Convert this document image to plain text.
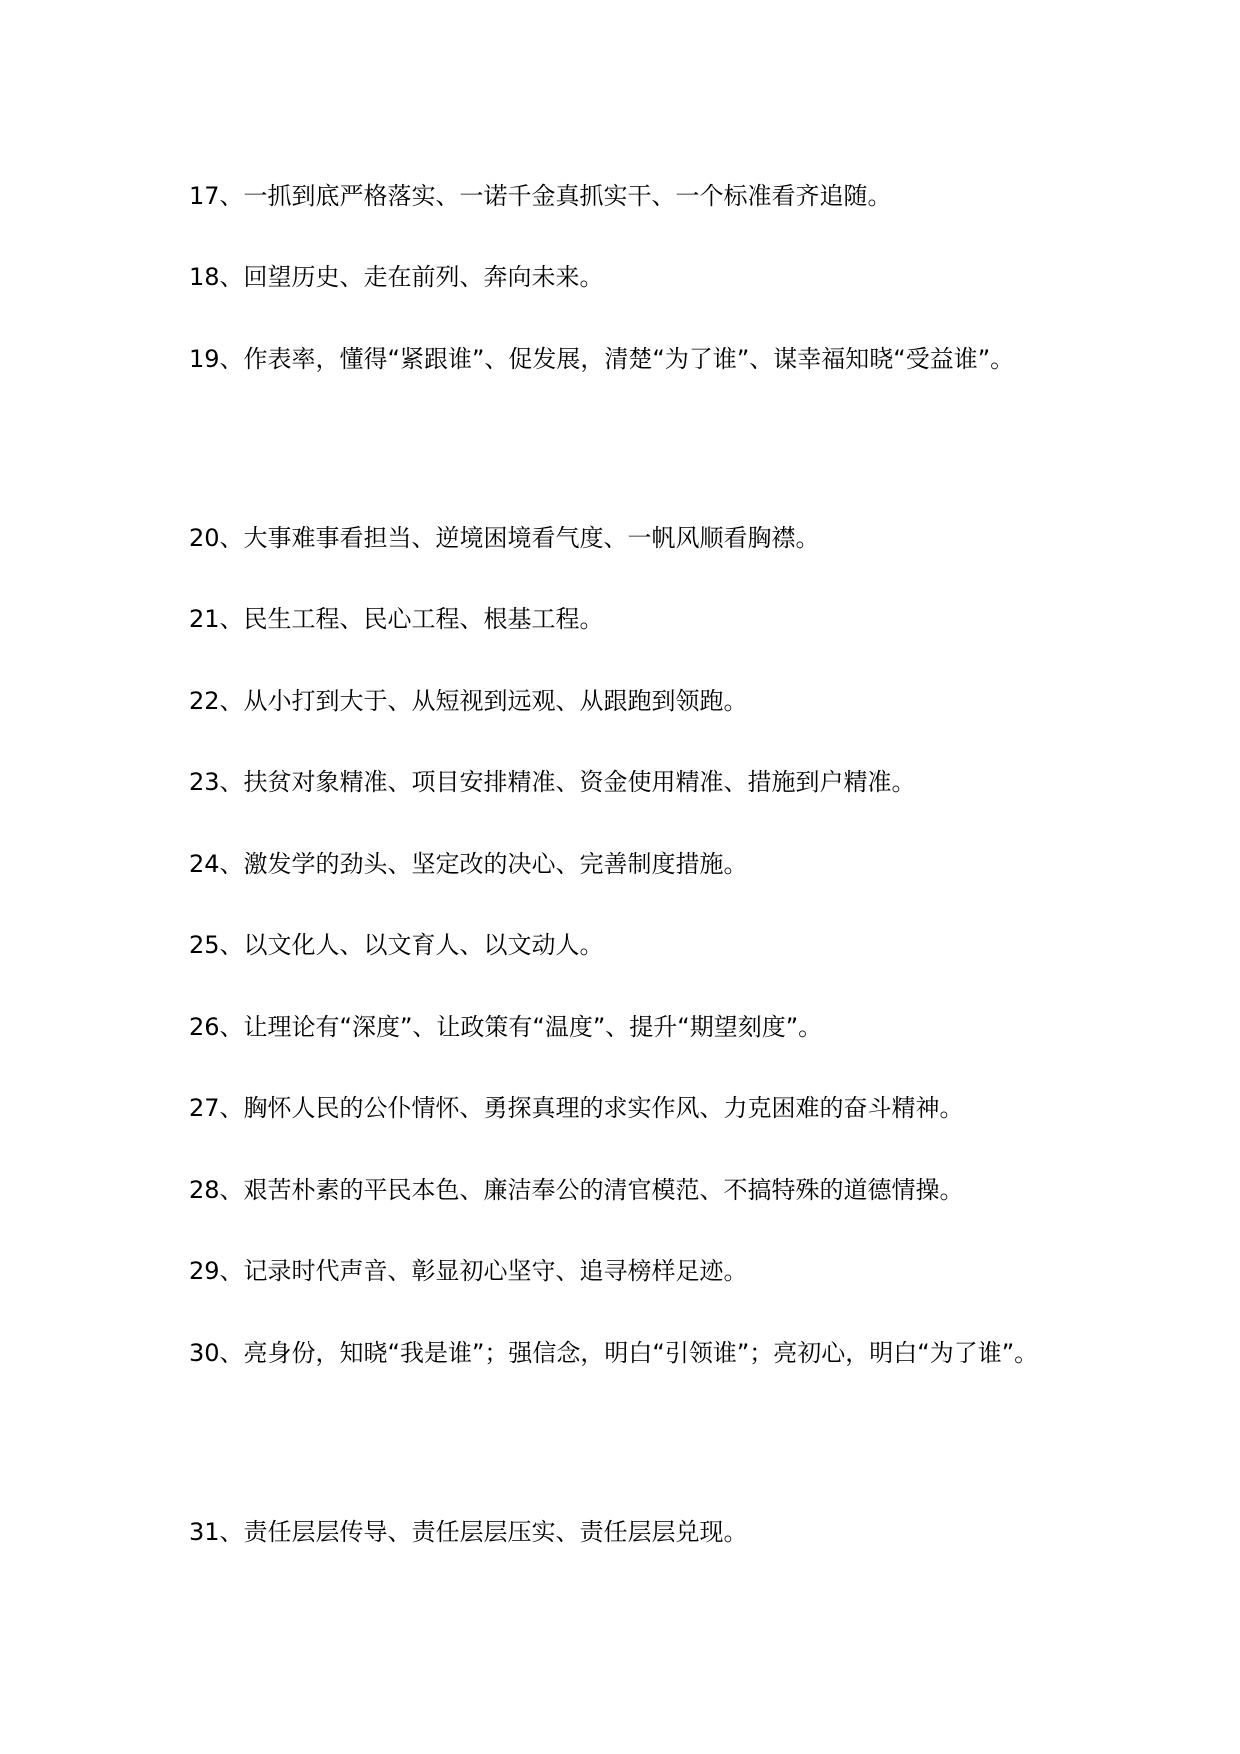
17、一抓到底严格落实、一诺千金真抓实干、一个标准看齐追随。

18、回望历史、走在前列、奔向未来。

19、作表率，懂得“紧跟谁”、促发展，清楚“为了谁”、谋幸福知晓“受益谁”。

20、大事难事看担当、逆境困境看气度、一帆风顺看胸襟。

21、民生工程、民心工程、根基工程。

22、从小打到大于、从短视到远观、从跟跑到领跑。

23、扶贫对象精准、项目安排精准、资金使用精准、措施到户精准。

24、激发学的劲头、坚定改的决心、完善制度措施。

25、以文化人、以文育人、以文动人。

26、让理论有“深度”、让政策有“温度”、提升“期望刻度”。

27、胸怀人民的公仆情怀、勇探真理的求实作风、力克困难的奋斗精神。

28、艰苦朴素的平民本色、廉洁奉公的清官模范、不搞特殊的道德情操。

29、记录时代声音、彰显初心坚守、追寻榜样足迹。

30、亮身份，知晓“我是谁”；强信念，明白“引领谁”；亮初心，明白“为了谁”。

31、责任层层传导、责任层层压实、责任层层兑现。
